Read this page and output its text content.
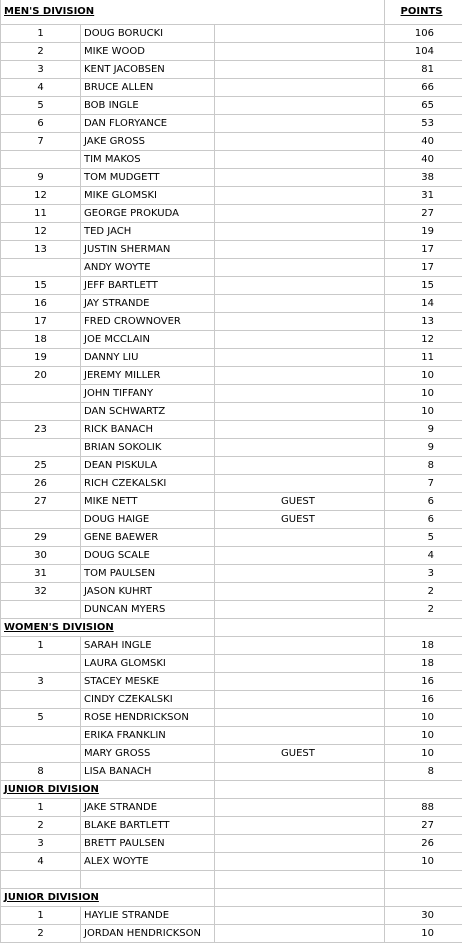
MEN'S DIVISION			POINTS
1	DOUG BORUCKI		106
2	MIKE WOOD		104
3	KENT JACOBSEN		81
4	BRUCE ALLEN		66
5	BOB INGLE		65
6	DAN FLORYANCE		53
7	JAKE GROSS		40
	TIM MAKOS		40
9	TOM MUDGETT		38
12	MIKE GLOMSKI		31
11	GEORGE PROKUDA		27
12	TED JACH		19
13	JUSTIN SHERMAN		17
	ANDY WOYTE		17
15	JEFF BARTLETT		15
16	JAY STRANDE		14
17	FRED CROWNOVER		13
18	JOE MCCLAIN		12
19	DANNY LIU		11
20	JEREMY MILLER		10
	JOHN TIFFANY		10
	DAN SCHWARTZ		10
23	RICK BANACH		9
	BRIAN SOKOLIK		9
25	DEAN PISKULA		8
26	RICH CZEKALSKI		7
27	MIKE NETT	GUEST	6
	DOUG HAIGE	GUEST	6
29	GENE BAEWER		5
30	DOUG SCALE		4
31	TOM PAULSEN		3
32	JASON KUHRT		2
	DUNCAN MYERS		2
WOMEN'S DIVISION			
1	SARAH INGLE		18
	LAURA GLOMSKI		18
3	STACEY MESKE		16
	CINDY CZEKALSKI		16
5	ROSE HENDRICKSON		10
	ERIKA FRANKLIN		10
	MARY GROSS	GUEST	10
8	LISA BANACH		8
JUNIOR DIVISION			
1	JAKE STRANDE		88
2	BLAKE BARTLETT		27
3	BRETT PAULSEN		26
4	ALEX WOYTE		10

JUNIOR DIVISION			
1	HAYLIE STRANDE		30
2	JORDAN HENDRICKSON		10
